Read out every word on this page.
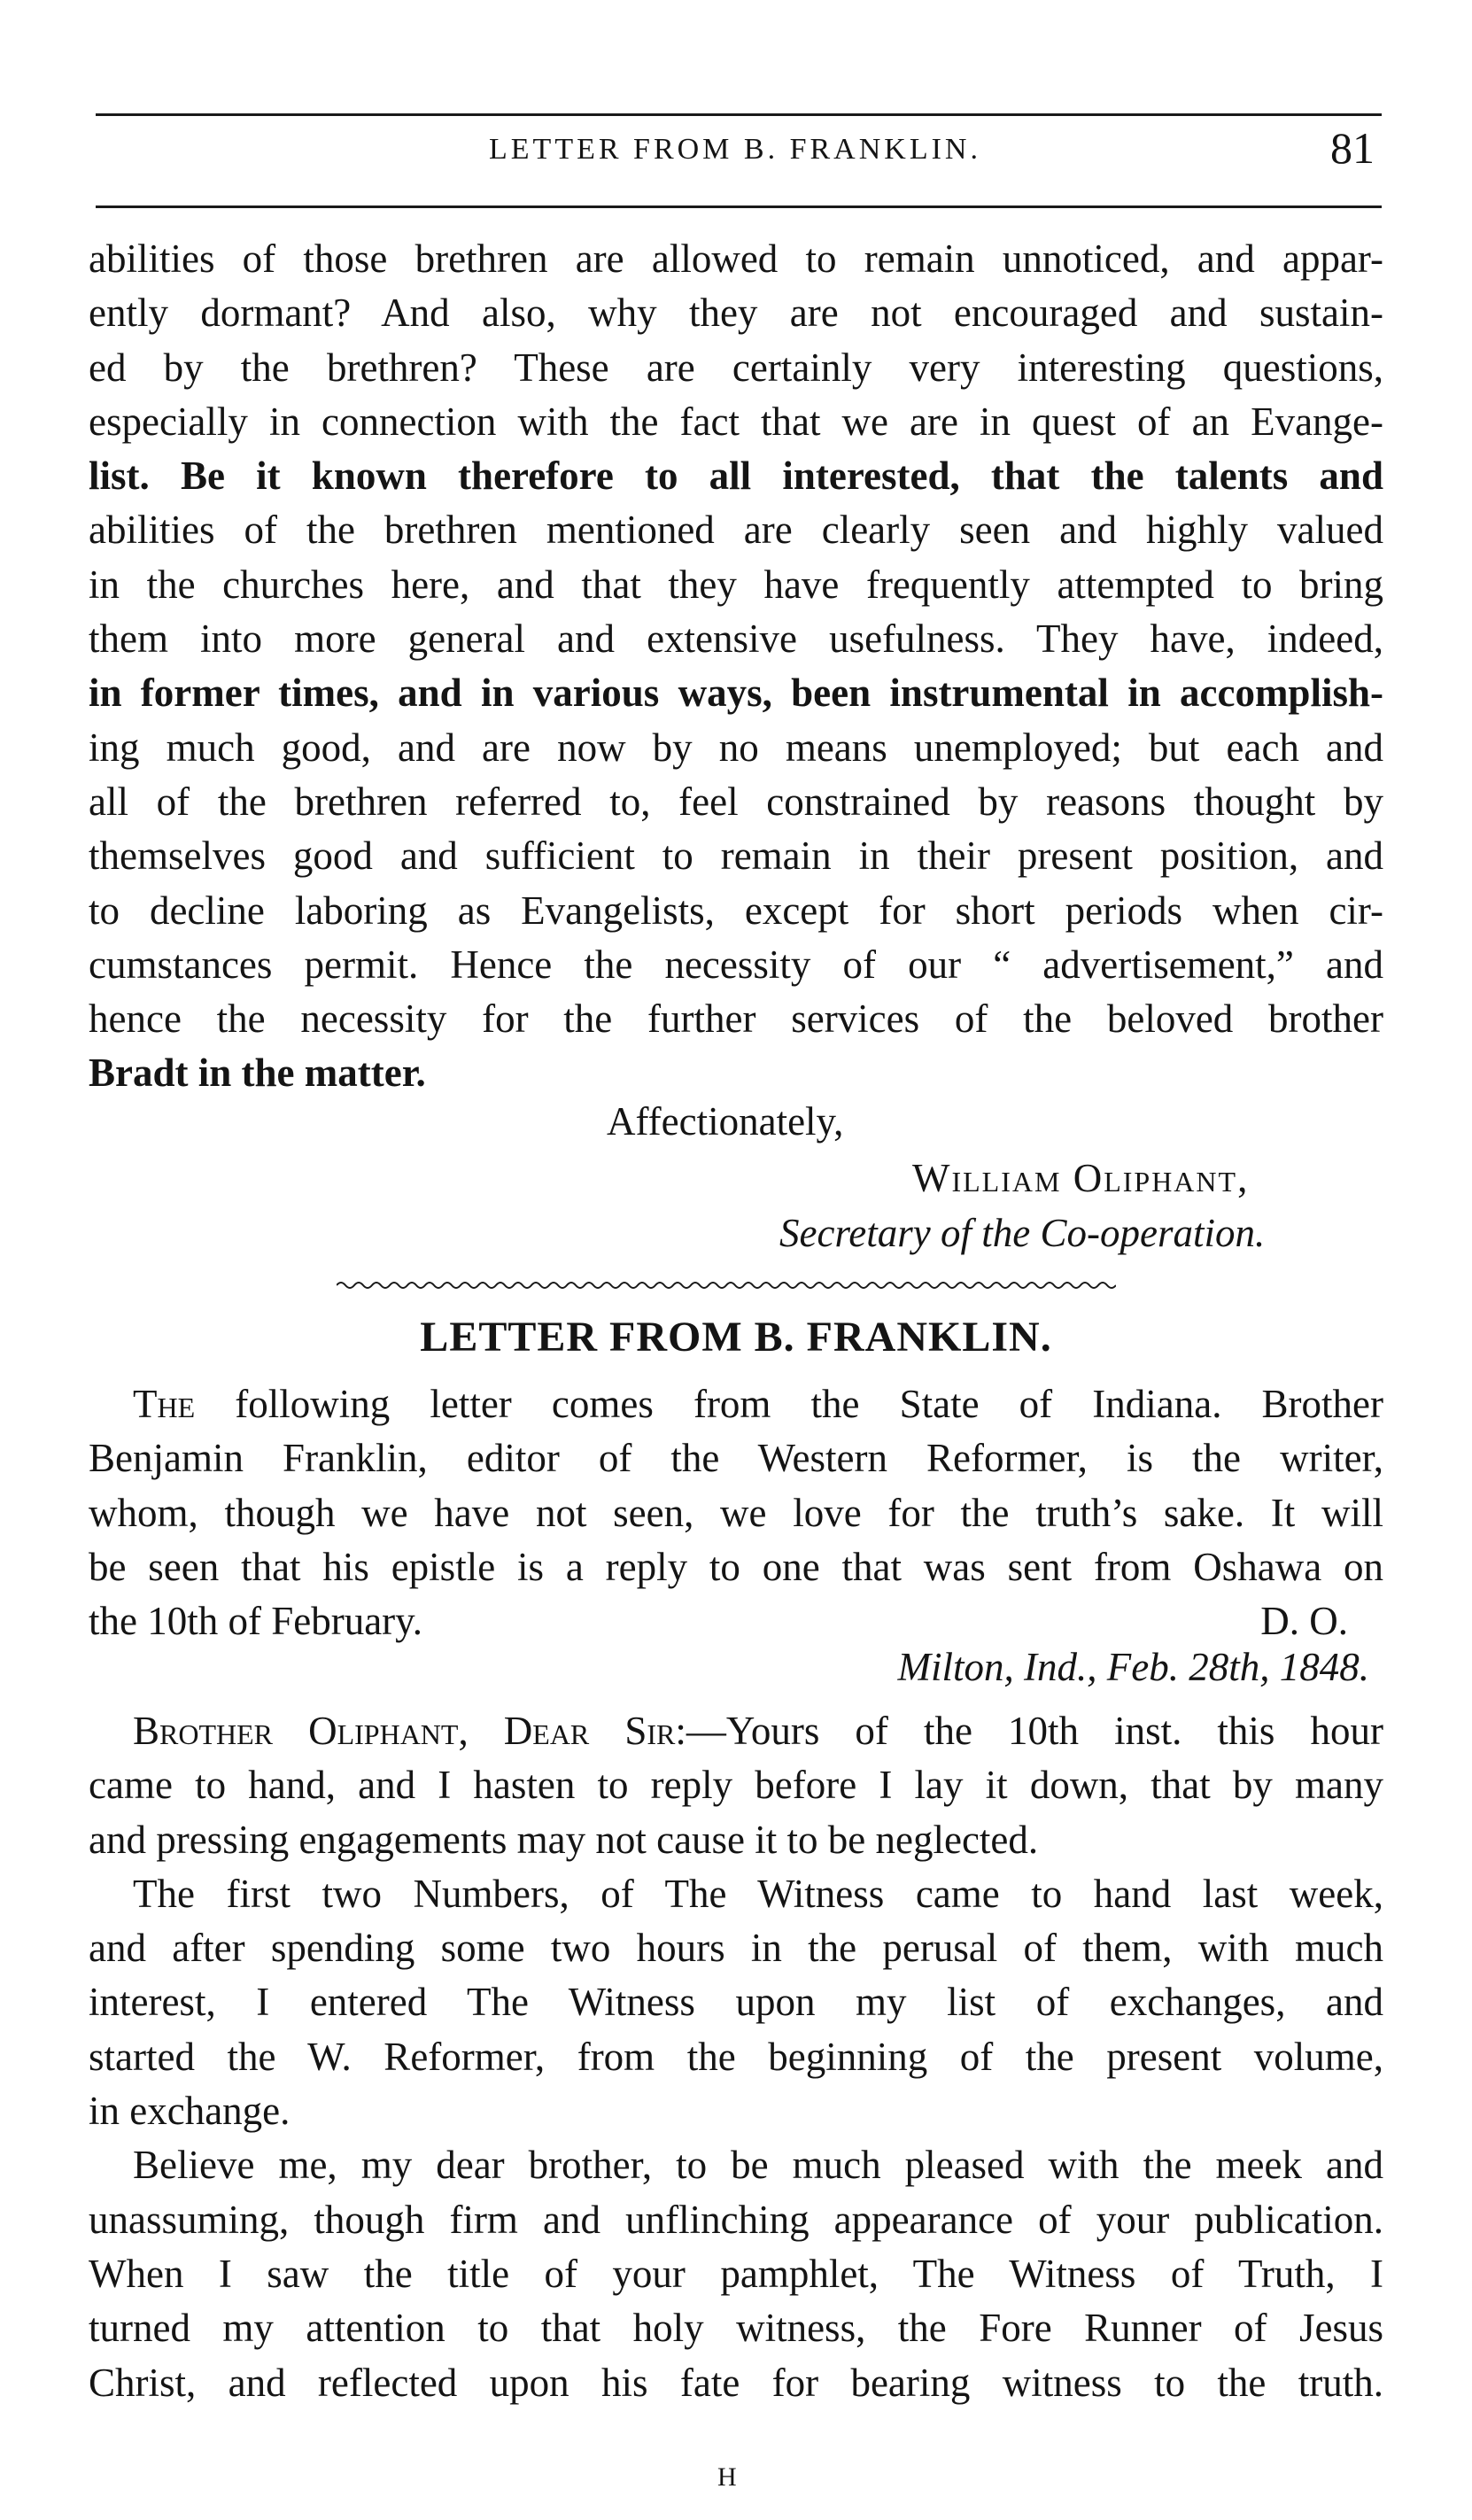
LETTER FROM B. FRANKLIN.	81
abilities of those brethren are allowed to remain unnoticed, and appar-
ently dormant? And also, why they are not encouraged and sustain-
ed by the brethren? These are certainly very interesting questions,
especially in connection with the fact that we are in quest of an Evange-
list. Be it known therefore to all interested, that the talents and
abilities of the brethren mentioned are clearly seen and highly valued
in the churches here, and that they have frequently attempted to bring
them into more general and extensive usefulness. They have, indeed,
in former times, and in various ways, been instrumental in accomplish-
ing much good, and are now by no means unemployed; but each and
all of the brethren referred to, feel constrained by reasons thought by
themselves good and sufficient to remain in their present position, and
to decline laboring as Evangelists, except for short periods when cir-
cumstances permit. Hence the necessity of our “ advertisement,” and
hence the necessity for the further services of the beloved brother
Bradt in the matter.
Affectionately,
William Oliphant,
Secretary of the Co-operation.
LETTER FROM B. FRANKLIN.
The following letter comes from the State of Indiana. Brother
Benjamin Franklin, editor of the Western Reformer, is the writer,
whom, though we have not seen, we love for the truth’s sake. It will
be seen that his epistle is a reply to one that was sent from Oshawa on
the 10th of February.	D. O.
Milton, Ind., Feb. 28th, 1848.
Brother Oliphant, Dear Sir:—Yours of the 10th inst. this hour
came to hand, and I hasten to reply before I lay it down, that by many
and pressing engagements may not cause it to be neglected.
The first two Numbers, of The Witness came to hand last week,
and after spending some two hours in the perusal of them, with much
interest, I entered The Witness upon my list of exchanges, and
started the W. Reformer, from the beginning of the present volume,
in exchange.
Believe me, my dear brother, to be much pleased with the meek and
unassuming, though firm and unflinching appearance of your publication.
When I saw the title of your pamphlet, The Witness of Truth, I
turned my attention to that holy witness, the Fore Runner of Jesus
Christ, and reflected upon his fate for bearing witness to the truth.
H
